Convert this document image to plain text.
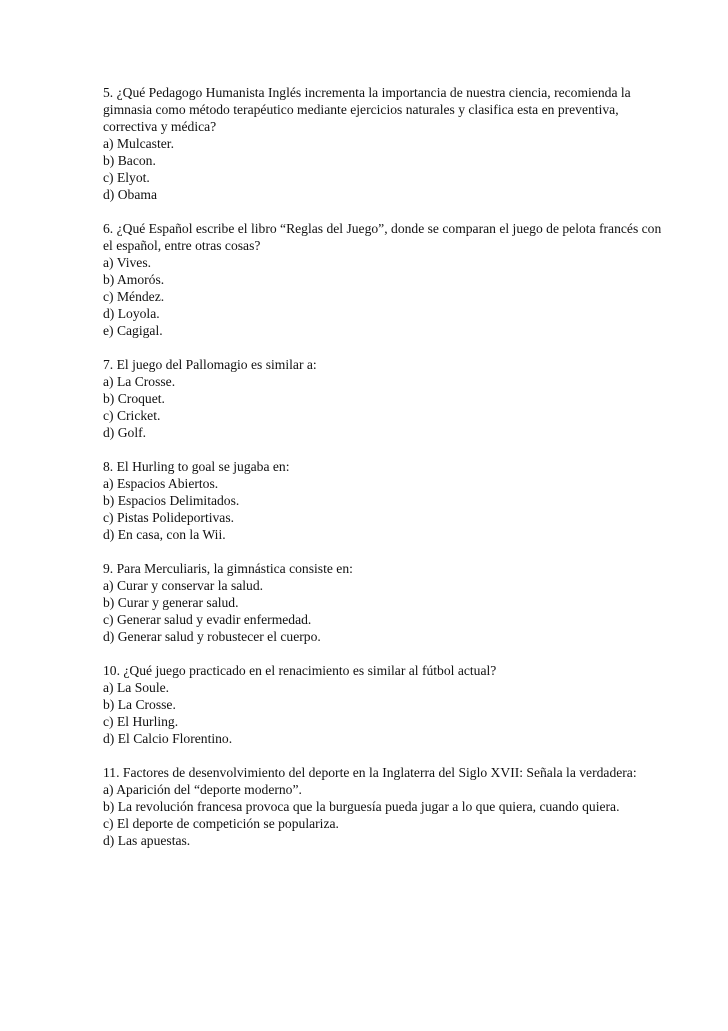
5. ¿Qué Pedagogo Humanista Inglés incrementa la importancia de nuestra ciencia, recomienda la gimnasia como método terapéutico mediante ejercicios naturales y clasifica esta en preventiva, correctiva y médica?

a) Mulcaster.
b) Bacon.
c) Elyot.
d) Obama

6. ¿Qué Español escribe el libro “Reglas del Juego”, donde se comparan el juego de pelota francés con el español, entre otras cosas?

a) Vives.
b) Amorós.
c) Méndez.
d) Loyola.
e) Cagigal.

7. El juego del Pallomagio es similar a:

a) La Crosse.
b) Croquet.
c) Cricket.
d) Golf.

8. El Hurling to goal se jugaba en:

a) Espacios Abiertos.
b) Espacios Delimitados.
c) Pistas Polideportivas.
d) En casa, con la Wii.

9. Para Merculiaris, la gimnástica consiste en:

a) Curar y conservar la salud.
b) Curar y generar salud.
c) Generar salud y evadir enfermedad.
d) Generar salud y robustecer el cuerpo.

10. ¿Qué juego practicado en el renacimiento es similar al fútbol actual?

a) La Soule.
b) La Crosse.
c) El Hurling.
d) El Calcio Florentino.

11. Factores de desenvolvimiento del deporte en la Inglaterra del Siglo XVII: Señala la verdadera:

a) Aparición del “deporte moderno”.
b) La revolución francesa provoca que la burguesía pueda jugar a lo que quiera, cuando quiera.
c) El deporte de competición se populariza.
d) Las apuestas.
